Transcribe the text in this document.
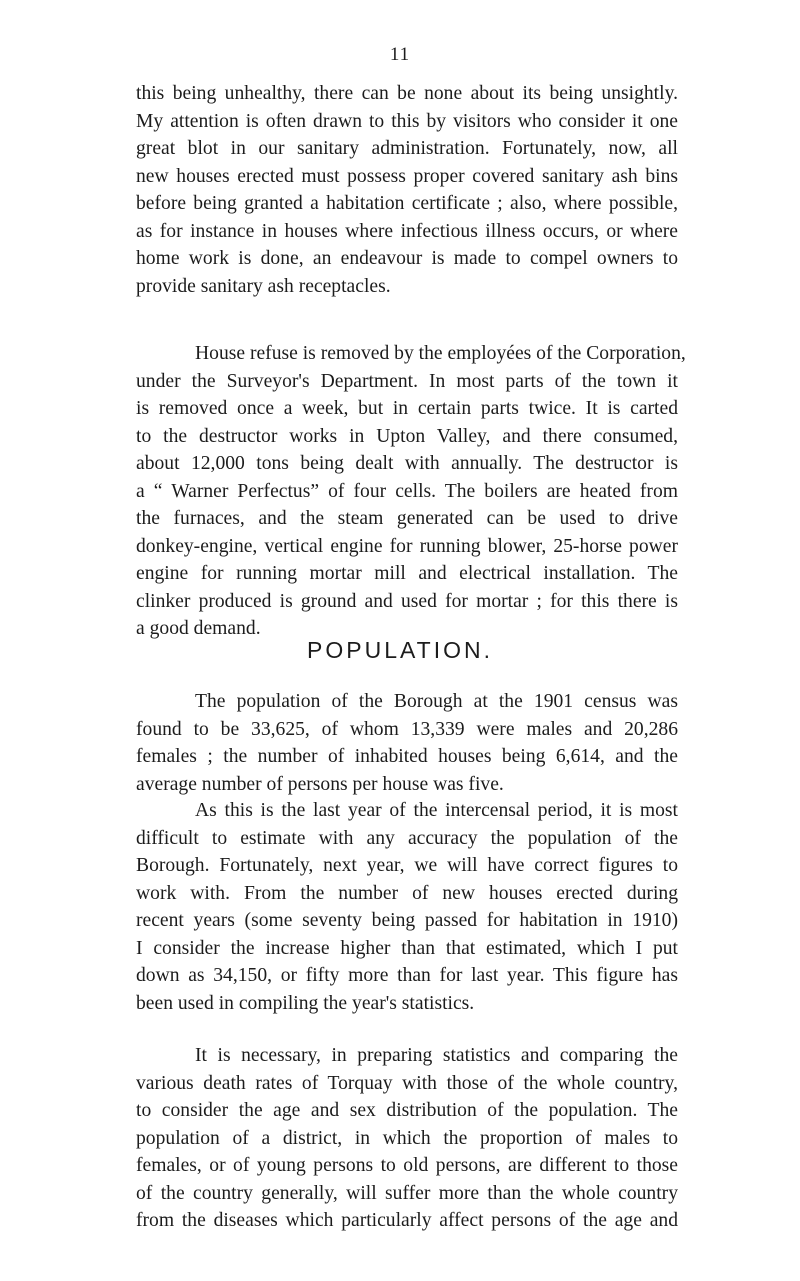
11

this being unhealthy, there can be none about its being unsightly.
My attention is often drawn to this by visitors who consider it one
great blot in our sanitary administration. Fortunately, now, all
new houses erected must possess proper covered sanitary ash bins
before being granted a habitation certificate ; also, where possible,
as for instance in houses where infectious illness occurs, or where
home work is done, an endeavour is made to compel owners to
provide sanitary ash receptacles.

House refuse is removed by the employées of the Corporation,
under the Surveyor's Department. In most parts of the town it
is removed once a week, but in certain parts twice. It is carted
to the destructor works in Upton Valley, and there consumed,
about 12,000 tons being dealt with annually. The destructor is
a “ Warner Perfectus” of four cells. The boilers are heated from
the furnaces, and the steam generated can be used to drive
donkey-engine, vertical engine for running blower, 25-horse power
engine for running mortar mill and electrical installation. The
clinker produced is ground and used for mortar ; for this there is
a good demand.

POPULATION.

The population of the Borough at the 1901 census was
found to be 33,625, of whom 13,339 were males and 20,286
females ; the number of inhabited houses being 6,614, and the
average number of persons per house was five.

As this is the last year of the intercensal period, it is most
difficult to estimate with any accuracy the population of the
Borough. Fortunately, next year, we will have correct figures to
work with. From the number of new houses erected during
recent years (some seventy being passed for habitation in 1910)
I consider the increase higher than that estimated, which I put
down as 34,150, or fifty more than for last year. This figure has
been used in compiling the year's statistics.

It is necessary, in preparing statistics and comparing the
various death rates of Torquay with those of the whole country,
to consider the age and sex distribution of the population. The
population of a district, in which the proportion of males to
females, or of young persons to old persons, are different to those
of the country generally, will suffer more than the whole country
from the diseases which particularly affect persons of the age and
